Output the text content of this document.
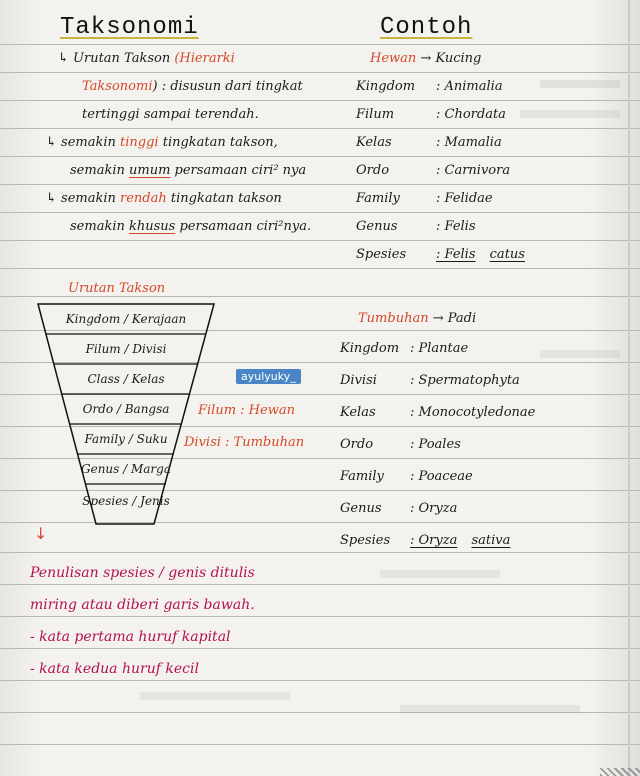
Taksonomi	Contoh
↳ Urutan Takson (Hierarki
Taksonomi) : disusun dari tingkat
tertinggi sampai terendah.
↳ semakin tinggi tingkatan takson,
semakin umum persamaan ciri² nya
↳ semakin rendah tingkatan takson
semakin khusus persamaan ciri²nya.
Hewan → Kucing
Kingdom : Animalia
Filum	: Chordata
Kelas	: Mamalia
Ordo	: Carnivora
Family	: Felidae
Genus	: Felis
Spesies : Felis catus
Urutan Takson
Kingdom / Kerajaan
Filum / Divisi
Class / Kelas
Ordo / Bangsa
Family / Suku
Genus / Marga
Spesies / Jenis
↓
Filum : Hewan
Divisi : Tumbuhan
ayulyuky_
Tumbuhan → Padi
Kingdom : Plantae
Divisi	: Spermatophyta
Kelas	: Monocotyledonae
Ordo	: Poales
Family : Poaceae
Genus : Oryza
Spesies : Oryza sativa
Penulisan spesies / genis ditulis
miring atau diberi garis bawah.
- kata pertama huruf kapital
- kata kedua huruf kecil
